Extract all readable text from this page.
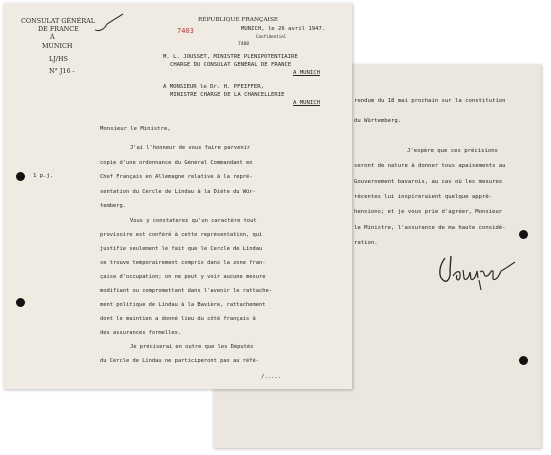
rendum du 18 mai prochain sur la constitution
du Würtemberg.
J'espère que ces précisions
seront de nature à donner tous apaisements au
Gouvernement bavarois, au cas où les mesures
récentes lui inspireraient quelque appré-
hensions; et je vous prie d'agréer, Monsieur
le Ministre, l'assurance de ma haute considé-
ration.
CONSULAT GÉNÉRAL
DE FRANCE
À
MUNICH
LJ/HS
N° J16 -
RÉPUBLIQUE FRANÇAISE
7403	MUNICH, le 26 avril 1947.
Confidentiel
7488
M. L. JOUSSET, MINISTRE PLENIPOTENTIAIRE
CHARGE DU CONSULAT GENERAL DE FRANCE
A MUNICH
A MONSIEUR le Dr. H. PFEIFFER,
MINISTRE CHARGE DE LA CHANCELLERIE
A MUNICH
1 p.j.
Monsieur le Ministre,
J'ai l'honneur de vous faire parvenir
copie d'une ordonnance du Général Commandant en
Chef Français en Allemagne relative à la repré-
sentation du Cercle de Lindau à la Diète du Wür-
temberg.
Vous y constaterez qu'un caractère tout
provisoire est conféré à cette représentation, qui
justifie seulement le fait que le Cercle de Lindau
se trouve temporairement compris dans la zone fran-
çaise d'occupation; on ne peut y voir aucune mesure
modifiant ou compromettant dans l'avenir le rattache-
ment politique de Lindau à la Bavière, rattachement
dont le maintien a donné lieu du côté français à
des assurances formelles.
Je préciserai en outre que les Députés
du Cercle de Lindau ne participeront pas au réfé-
/.....
